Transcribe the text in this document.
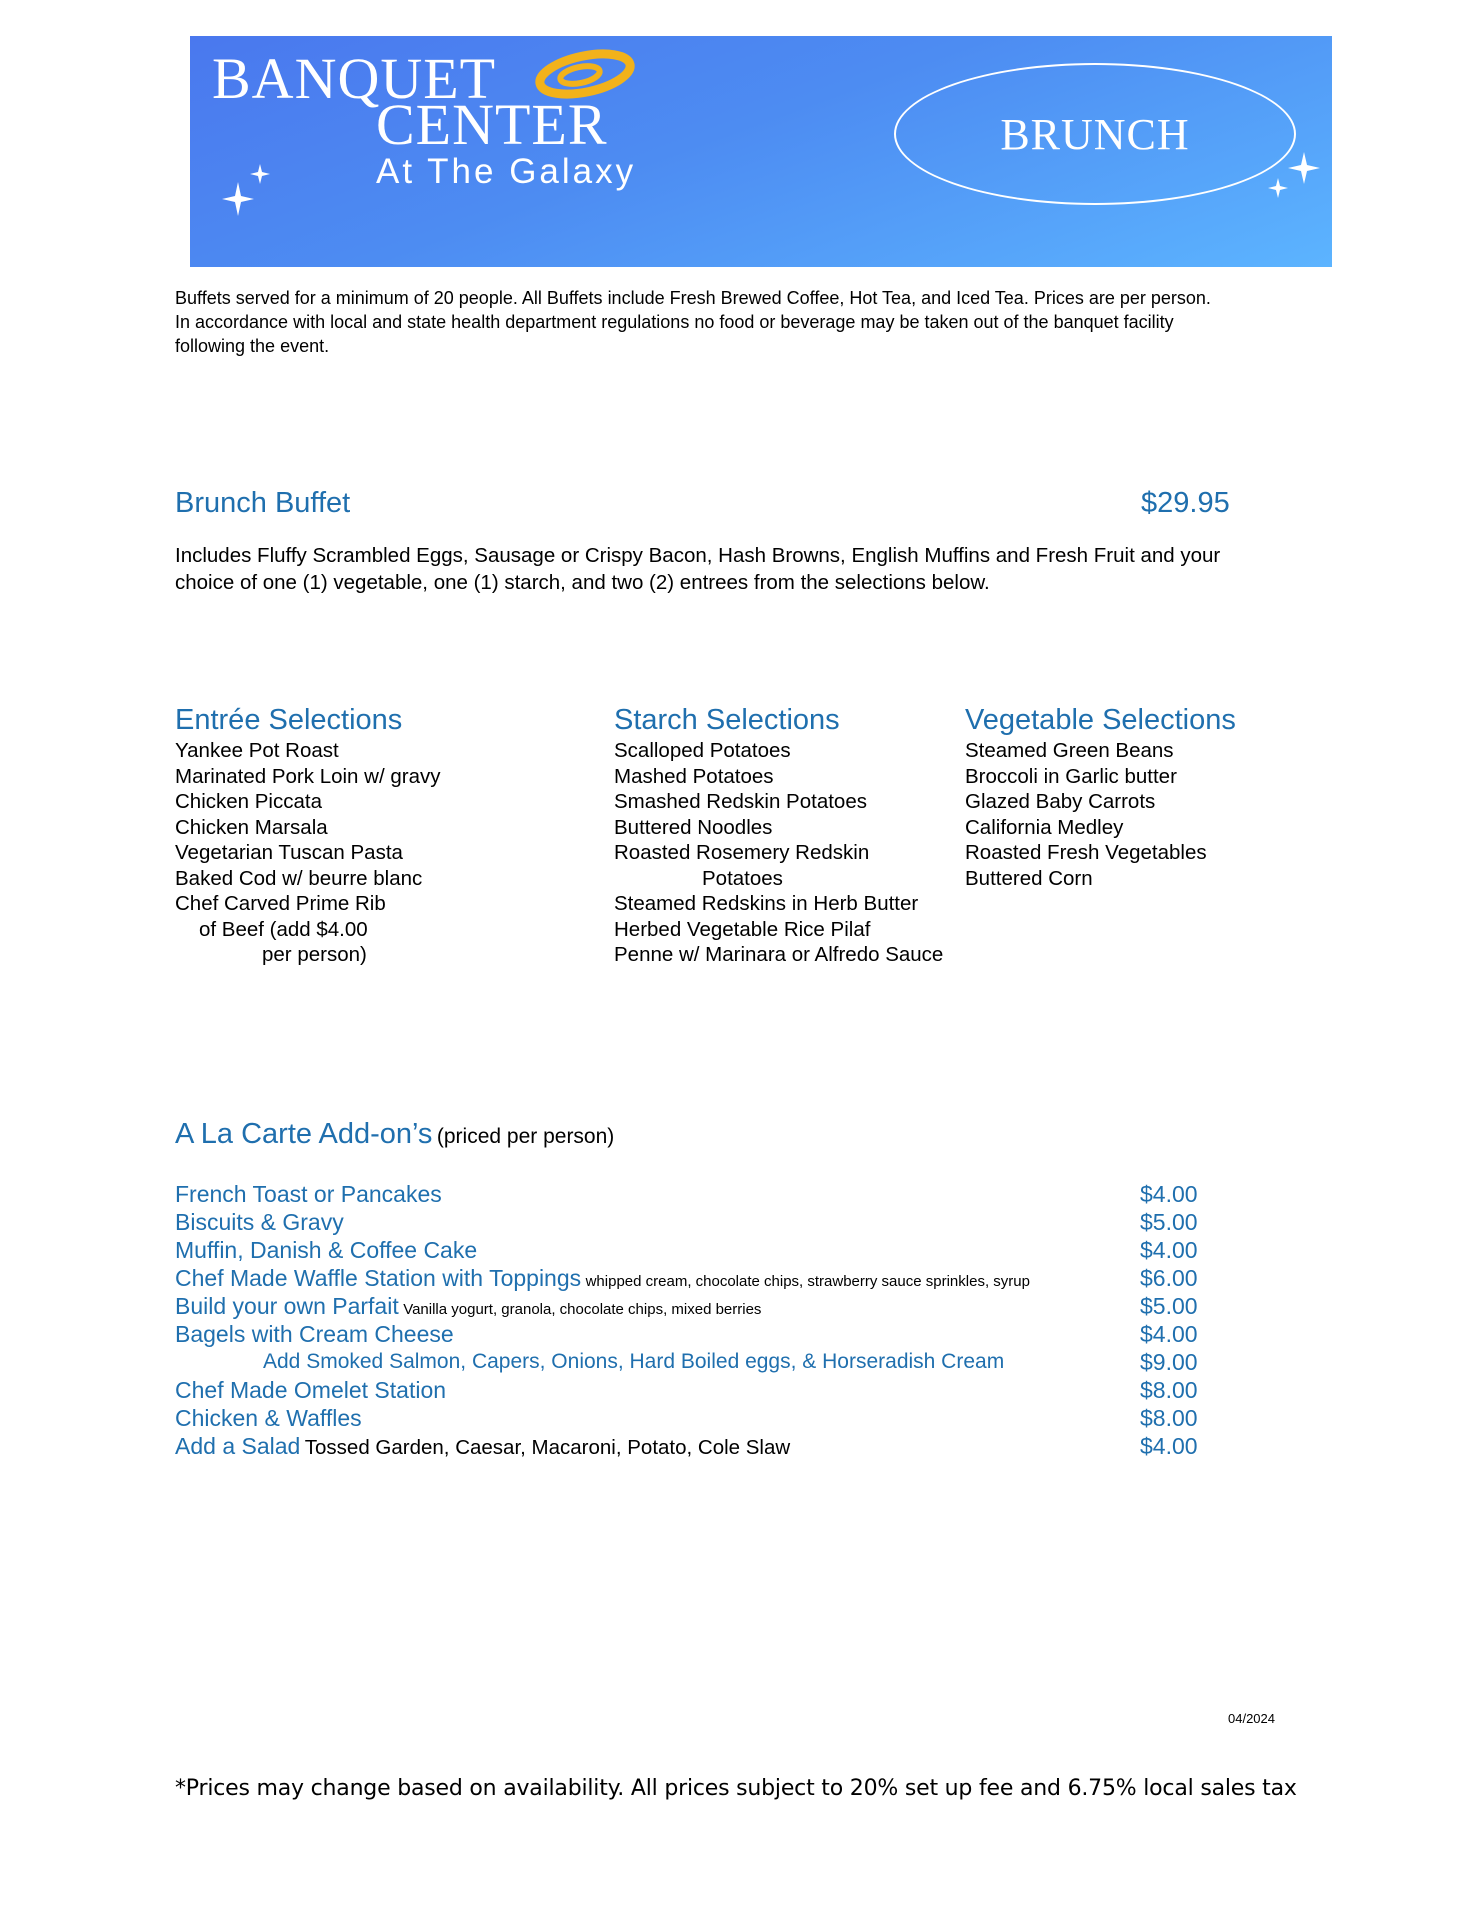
BANQUET
CENTER
At The Galaxy
BRUNCH
Buffets served for a minimum of 20 people. All Buffets include Fresh Brewed Coffee, Hot Tea, and Iced Tea. Prices are per person.
In accordance with local and state health department regulations no food or beverage may be taken out of the banquet facility
following the event.
Brunch Buffet	$29.95
Includes Fluffy Scrambled Eggs, Sausage or Crispy Bacon, Hash Browns, English Muffins and Fresh Fruit and your
choice of one (1) vegetable, one (1) starch, and two (2) entrees from the selections below.
Entrée Selections
Yankee Pot Roast
Marinated Pork Loin w/ gravy
Chicken Piccata
Chicken Marsala
Vegetarian Tuscan Pasta
Baked Cod w/ beurre blanc
Chef Carved Prime Rib
of Beef (add $4.00
per person)
Starch Selections
Scalloped Potatoes
Mashed Potatoes
Smashed Redskin Potatoes
Buttered Noodles
Roasted Rosemery Redskin
Potatoes
Steamed Redskins in Herb Butter
Herbed Vegetable Rice Pilaf
Penne w/ Marinara or Alfredo Sauce
Vegetable Selections
Steamed Green Beans
Broccoli in Garlic butter
Glazed Baby Carrots
California Medley
Roasted Fresh Vegetables
Buttered Corn
A La Carte Add-on’s (priced per person)
French Toast or Pancakes	$4.00
Biscuits & Gravy	$5.00
Muffin, Danish & Coffee Cake	$4.00
Chef Made Waffle Station with Toppings whipped cream, chocolate chips, strawberry sauce sprinkles, syrup	$6.00
Build your own Parfait Vanilla yogurt, granola, chocolate chips, mixed berries	$5.00
Bagels with Cream Cheese	$4.00
Add Smoked Salmon, Capers, Onions, Hard Boiled eggs, & Horseradish Cream	$9.00
Chef Made Omelet Station	$8.00
Chicken & Waffles	$8.00
Add a Salad Tossed Garden, Caesar, Macaroni, Potato, Cole Slaw	$4.00
04/2024
*Prices may change based on availability. All prices subject to 20% set up fee and 6.75% local sales tax
